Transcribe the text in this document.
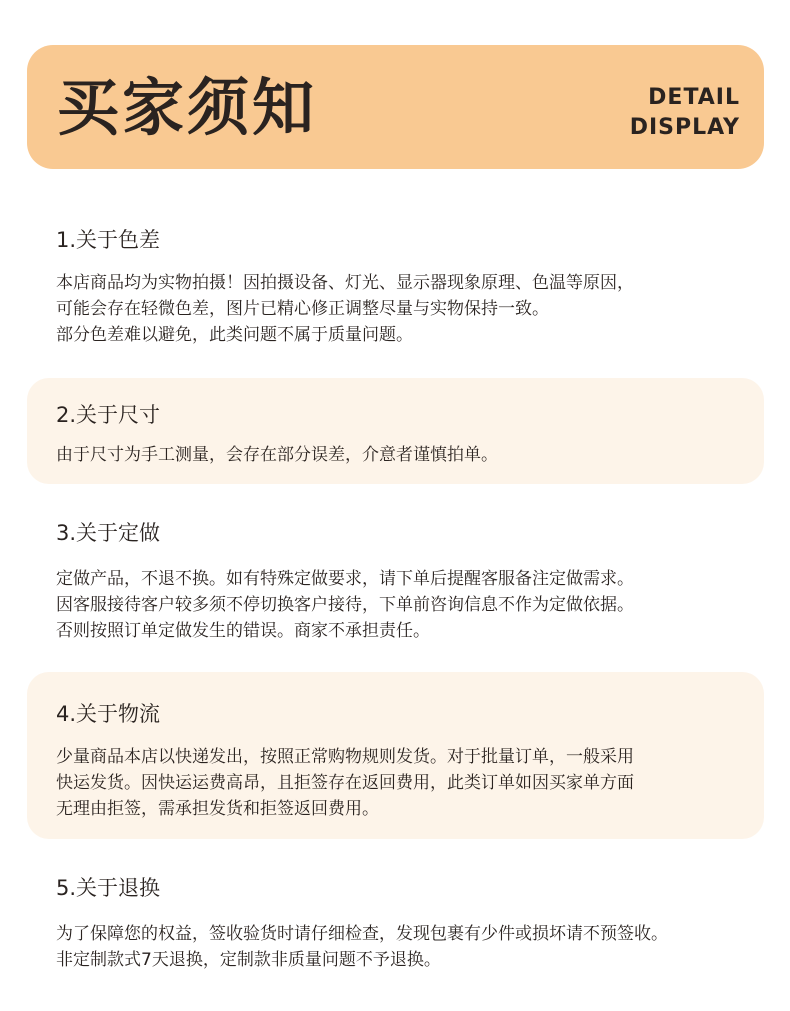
买家须知	DETAIL
DISPLAY
1.关于色差
本店商品均为实物拍摄！因拍摄设备、灯光、显示器现象原理、色温等原因，
可能会存在轻微色差，图片已精心修正调整尽量与实物保持一致。
部分色差难以避免，此类问题不属于质量问题。
2.关于尺寸
由于尺寸为手工测量，会存在部分误差，介意者谨慎拍单。
3.关于定做
定做产品，不退不换。如有特殊定做要求，请下单后提醒客服备注定做需求。
因客服接待客户较多须不停切换客户接待，下单前咨询信息不作为定做依据。
否则按照订单定做发生的错误。商家不承担责任。
4.关于物流
少量商品本店以快递发出，按照正常购物规则发货。对于批量订单，一般采用
快运发货。因快运运费高昂，且拒签存在返回费用，此类订单如因买家单方面
无理由拒签，需承担发货和拒签返回费用。
5.关于退换
为了保障您的权益，签收验货时请仔细检查，发现包裹有少件或损坏请不预签收。
非定制款式7天退换，定制款非质量问题不予退换。
